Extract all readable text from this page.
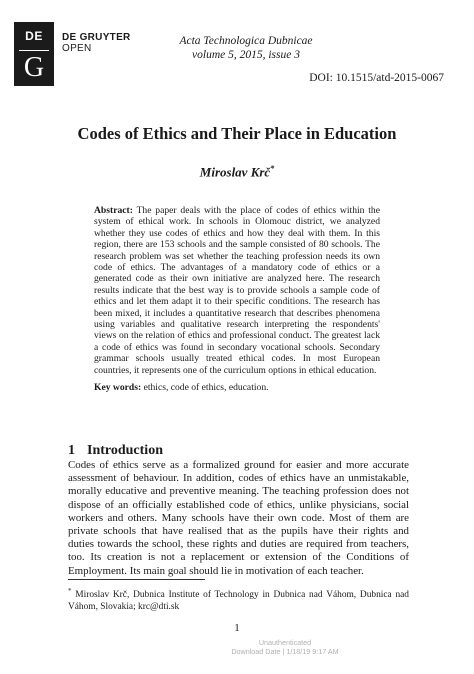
DE
G
DE GRUYTER
OPEN
Acta Technologica Dubnicae
volume 5, 2015, issue 3
DOI: 10.1515/atd-2015-0067
Codes of Ethics and Their Place in Education
Miroslav Krč*
Abstract: The paper deals with the place of codes of ethics within the system of ethical work. In schools in Olomouc district, we analyzed whether they use codes of ethics and how they deal with them. In this region, there are 153 schools and the sample consisted of 80 schools. The research problem was set whether the teaching profession needs its own code of ethics. The advantages of a mandatory code of ethics or a generated code as their own initiative are analyzed here. The research results indicate that the best way is to provide schools a sample code of ethics and let them adapt it to their specific conditions. The research has been mixed, it includes a quantitative research that describes phenomena using variables and qualitative research interpreting the respondents' views on the relation of ethics and professional conduct. The greatest lack a code of ethics was found in secondary vocational schools. Secondary grammar schools usually treated ethical codes. In most European countries, it represents one of the curriculum options in ethical education.
Key words: ethics, code of ethics, education.
1 Introduction
Codes of ethics serve as a formalized ground for easier and more accurate assessment of behaviour. In addition, codes of ethics have an unmistakable, morally educative and preventive meaning. The teaching profession does not dispose of an officially established code of ethics, unlike physicians, social workers and others. Many schools have their own code. Most of them are private schools that have realised that as the pupils have their rights and duties towards the school, these rights and duties are required from teachers, too. Its creation is not a replacement or extension of the Conditions of Employment. Its main goal should lie in motivation of each teacher.
* Miroslav Krč, Dubnica Institute of Technology in Dubnica nad Váhom, Dubnica nad Váhom, Slovakia; krc@dti.sk
1
Unauthenticated
Download Date | 1/18/19 9:17 AM
